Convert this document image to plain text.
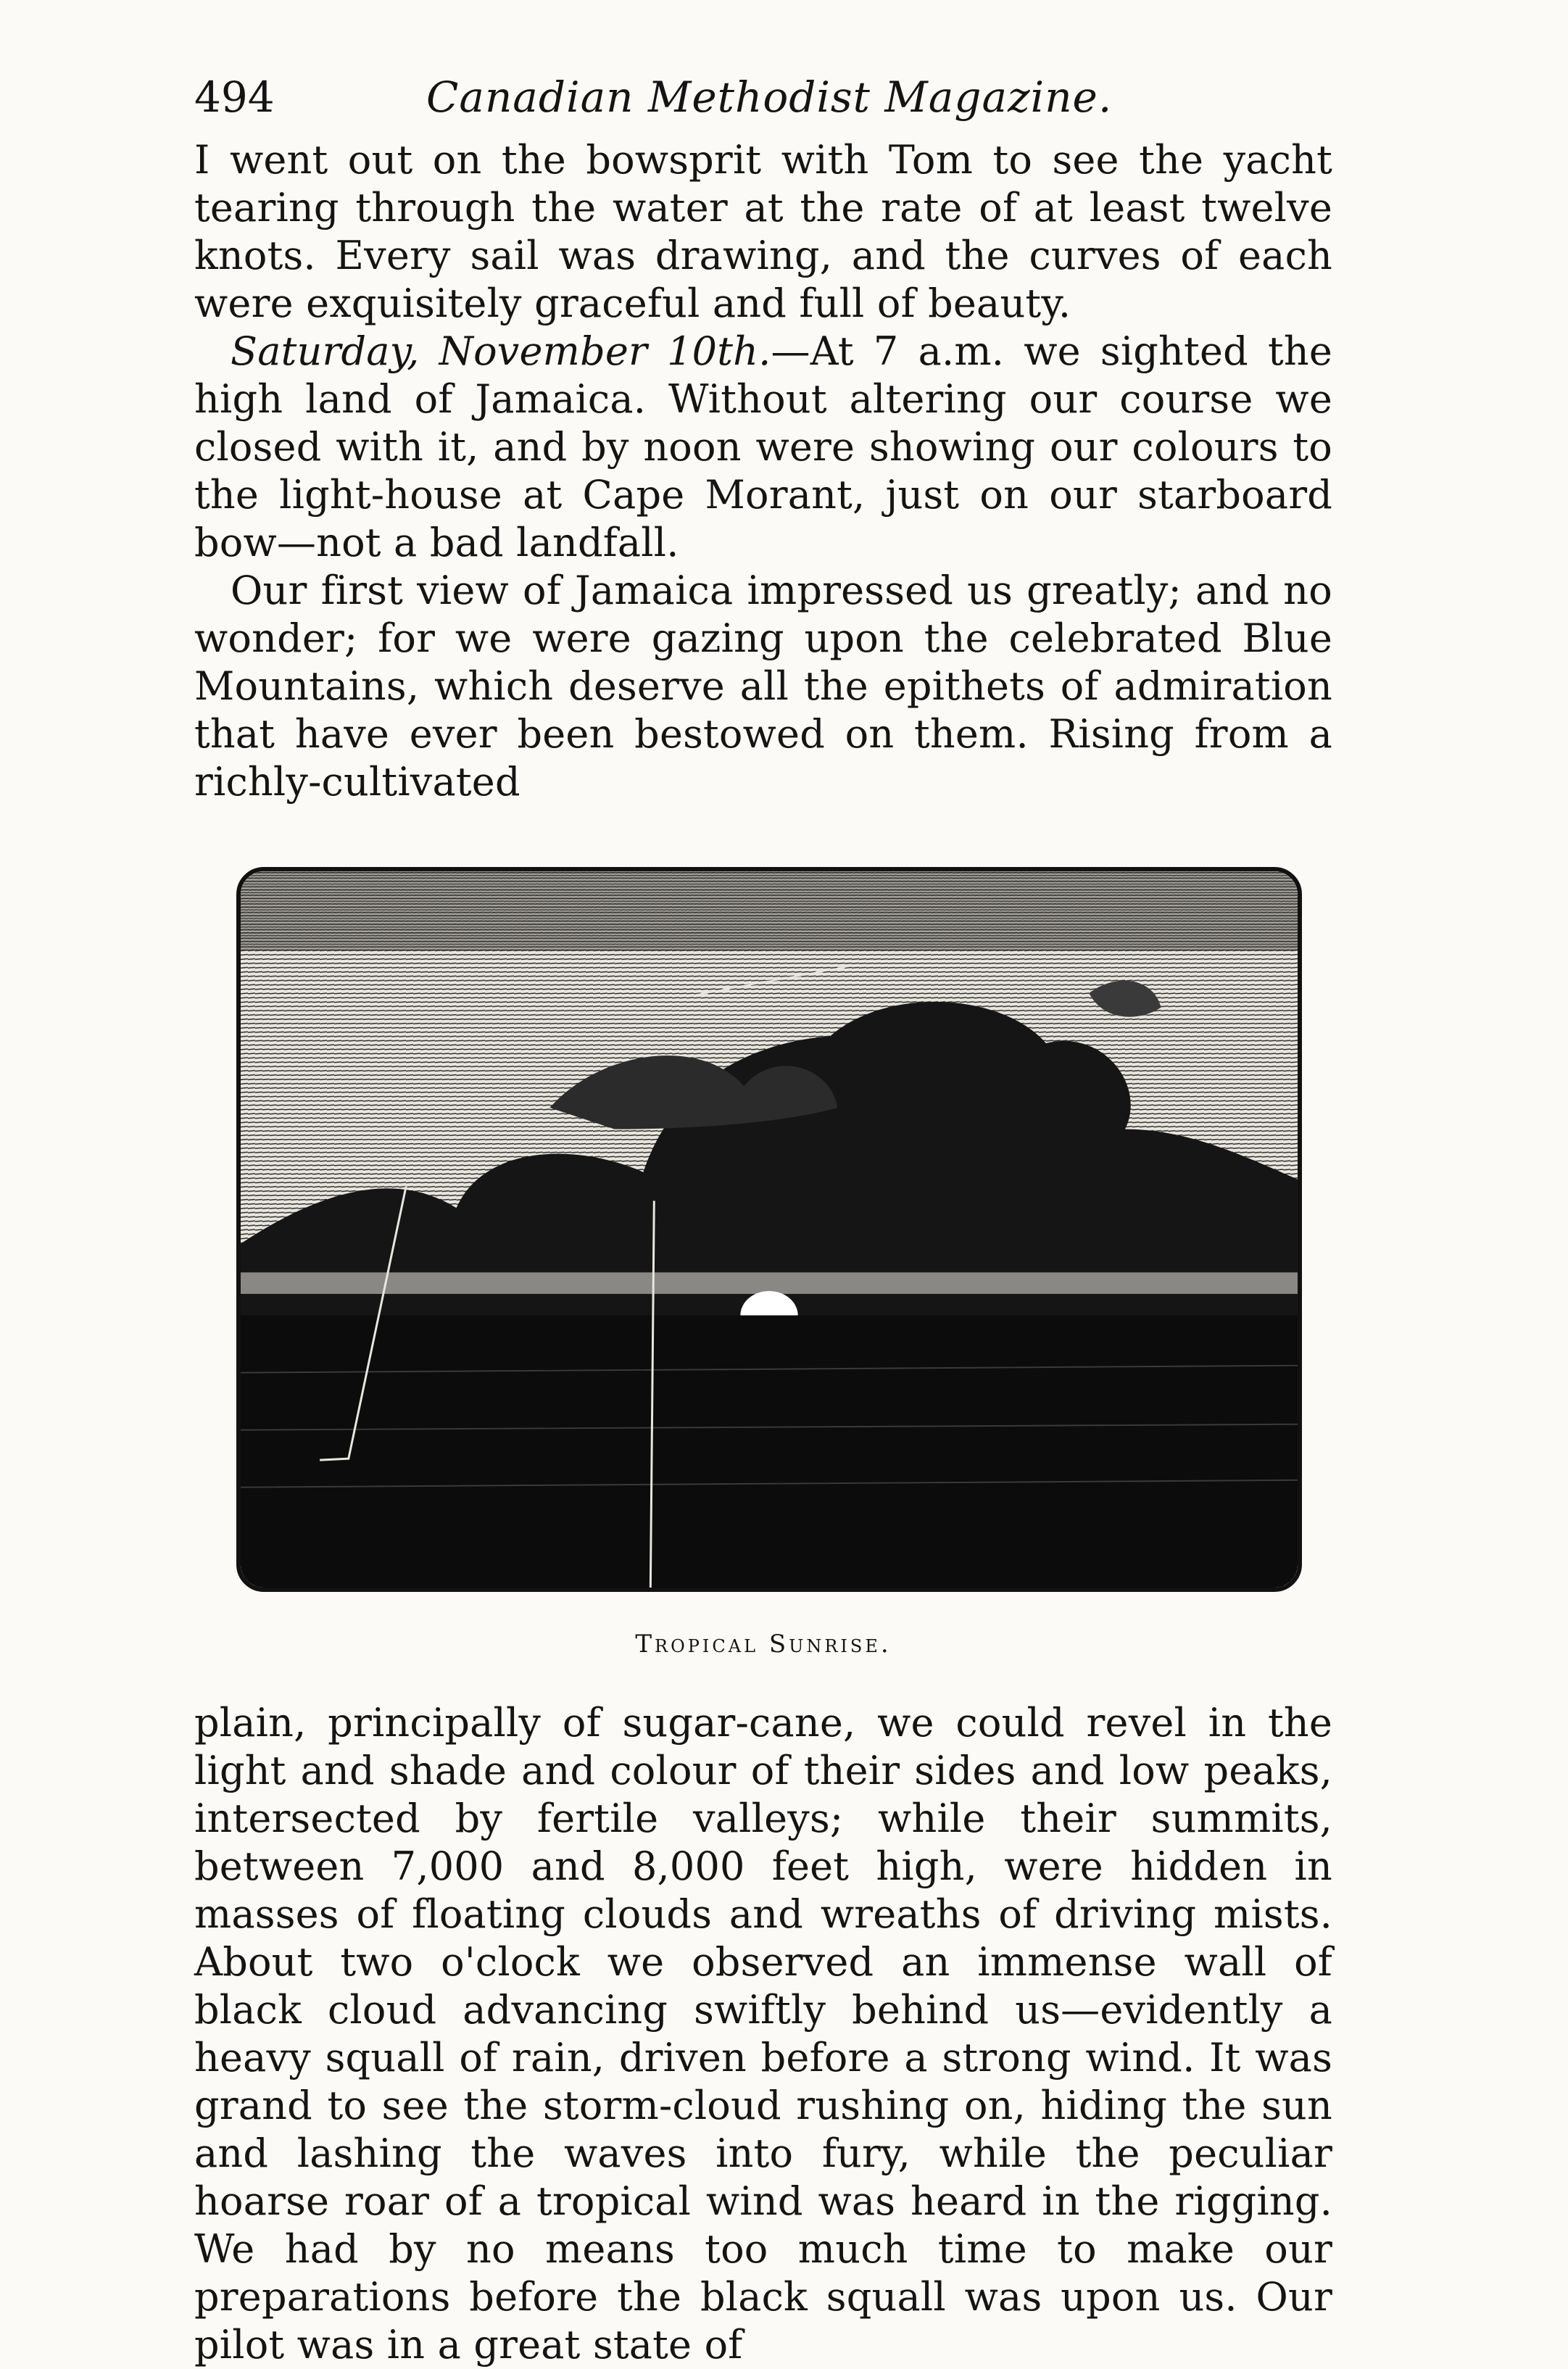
494	Canadian Methodist Magazine.

I went out on the bowsprit with Tom to see the yacht tearing through the water at the rate of at least twelve knots. Every sail was drawing, and the curves of each were exquisitely graceful and full of beauty.

Saturday, November 10th.—At 7 a.m. we sighted the high land of Jamaica. Without altering our course we closed with it, and by noon were showing our colours to the light-house at Cape Morant, just on our starboard bow—not a bad landfall.

Our first view of Jamaica impressed us greatly; and no wonder; for we were gazing upon the celebrated Blue Mountains, which deserve all the epithets of admiration that have ever been bestowed on them. Rising from a richly-cultivated

Tropical Sunrise.

plain, principally of sugar-cane, we could revel in the light and shade and colour of their sides and low peaks, intersected by fertile valleys; while their summits, between 7,000 and 8,000 feet high, were hidden in masses of floating clouds and wreaths of driving mists. About two o'clock we observed an immense wall of black cloud advancing swiftly behind us—evidently a heavy squall of rain, driven before a strong wind. It was grand to see the storm-cloud rushing on, hiding the sun and lashing the waves into fury, while the peculiar hoarse roar of a tropical wind was heard in the rigging. We had by no means too much time to make our preparations before the black squall was upon us. Our pilot was in a great state of
